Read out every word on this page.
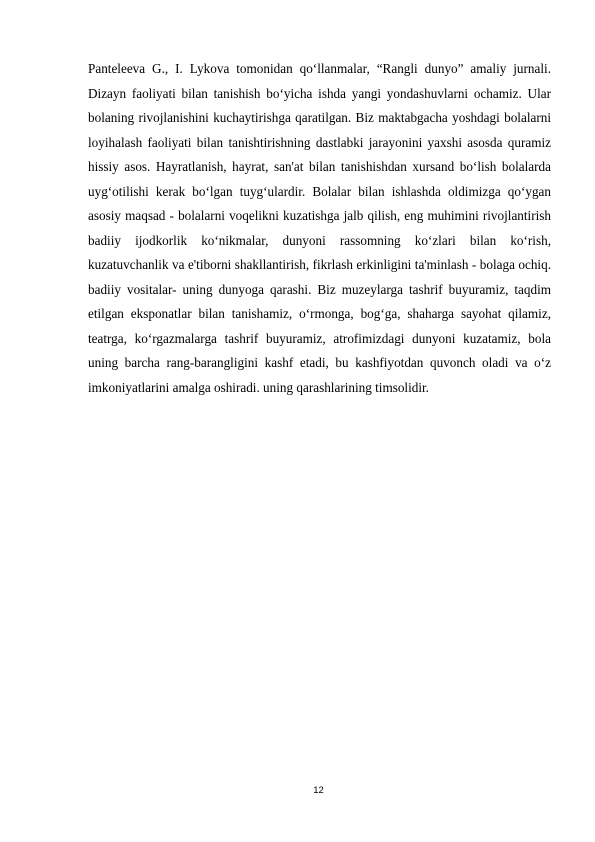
Panteleeva G., I. Lykova tomonidan qo‘llanmalar, “Rangli dunyo” amaliy jurnali. Dizayn faoliyati bilan tanishish bo‘yicha ishda yangi yondashuvlarni ochamiz. Ular bolaning rivojlanishini kuchaytirishga qaratilgan. Biz maktabgacha yoshdagi bolalarni loyihalash faoliyati bilan tanishtirishning dastlabki jarayonini yaxshi asosda quramiz hissiy asos. Hayratlanish, hayrat, san'at bilan tanishishdan xursand bo‘lish bolalarda uyg‘otilishi kerak bo‘lgan tuyg‘ulardir. Bolalar bilan ishlashda oldimizga qo‘ygan asosiy maqsad - bolalarni voqelikni kuzatishga jalb qilish, eng muhimini rivojlantirish badiiy ijodkorlik ko‘nikmalar, dunyoni rassomning ko‘zlari bilan ko‘rish, kuzatuvchanlik va e'tiborni shakllantirish, fikrlash erkinligini ta'minlash - bolaga ochiq. badiiy vositalar- uning dunyoga qarashi. Biz muzeylarga tashrif buyuramiz, taqdim etilgan eksponatlar bilan tanishamiz, o‘rmonga, bog‘ga, shaharga sayohat qilamiz, teatrga, ko‘rgazmalarga tashrif buyuramiz, atrofimizdagi dunyoni kuzatamiz, bola uning barcha rang-barangligini kashf etadi, bu kashfiyotdan quvonch oladi va o‘z imkoniyatlarini amalga oshiradi. uning qarashlarining timsolidir.

12
